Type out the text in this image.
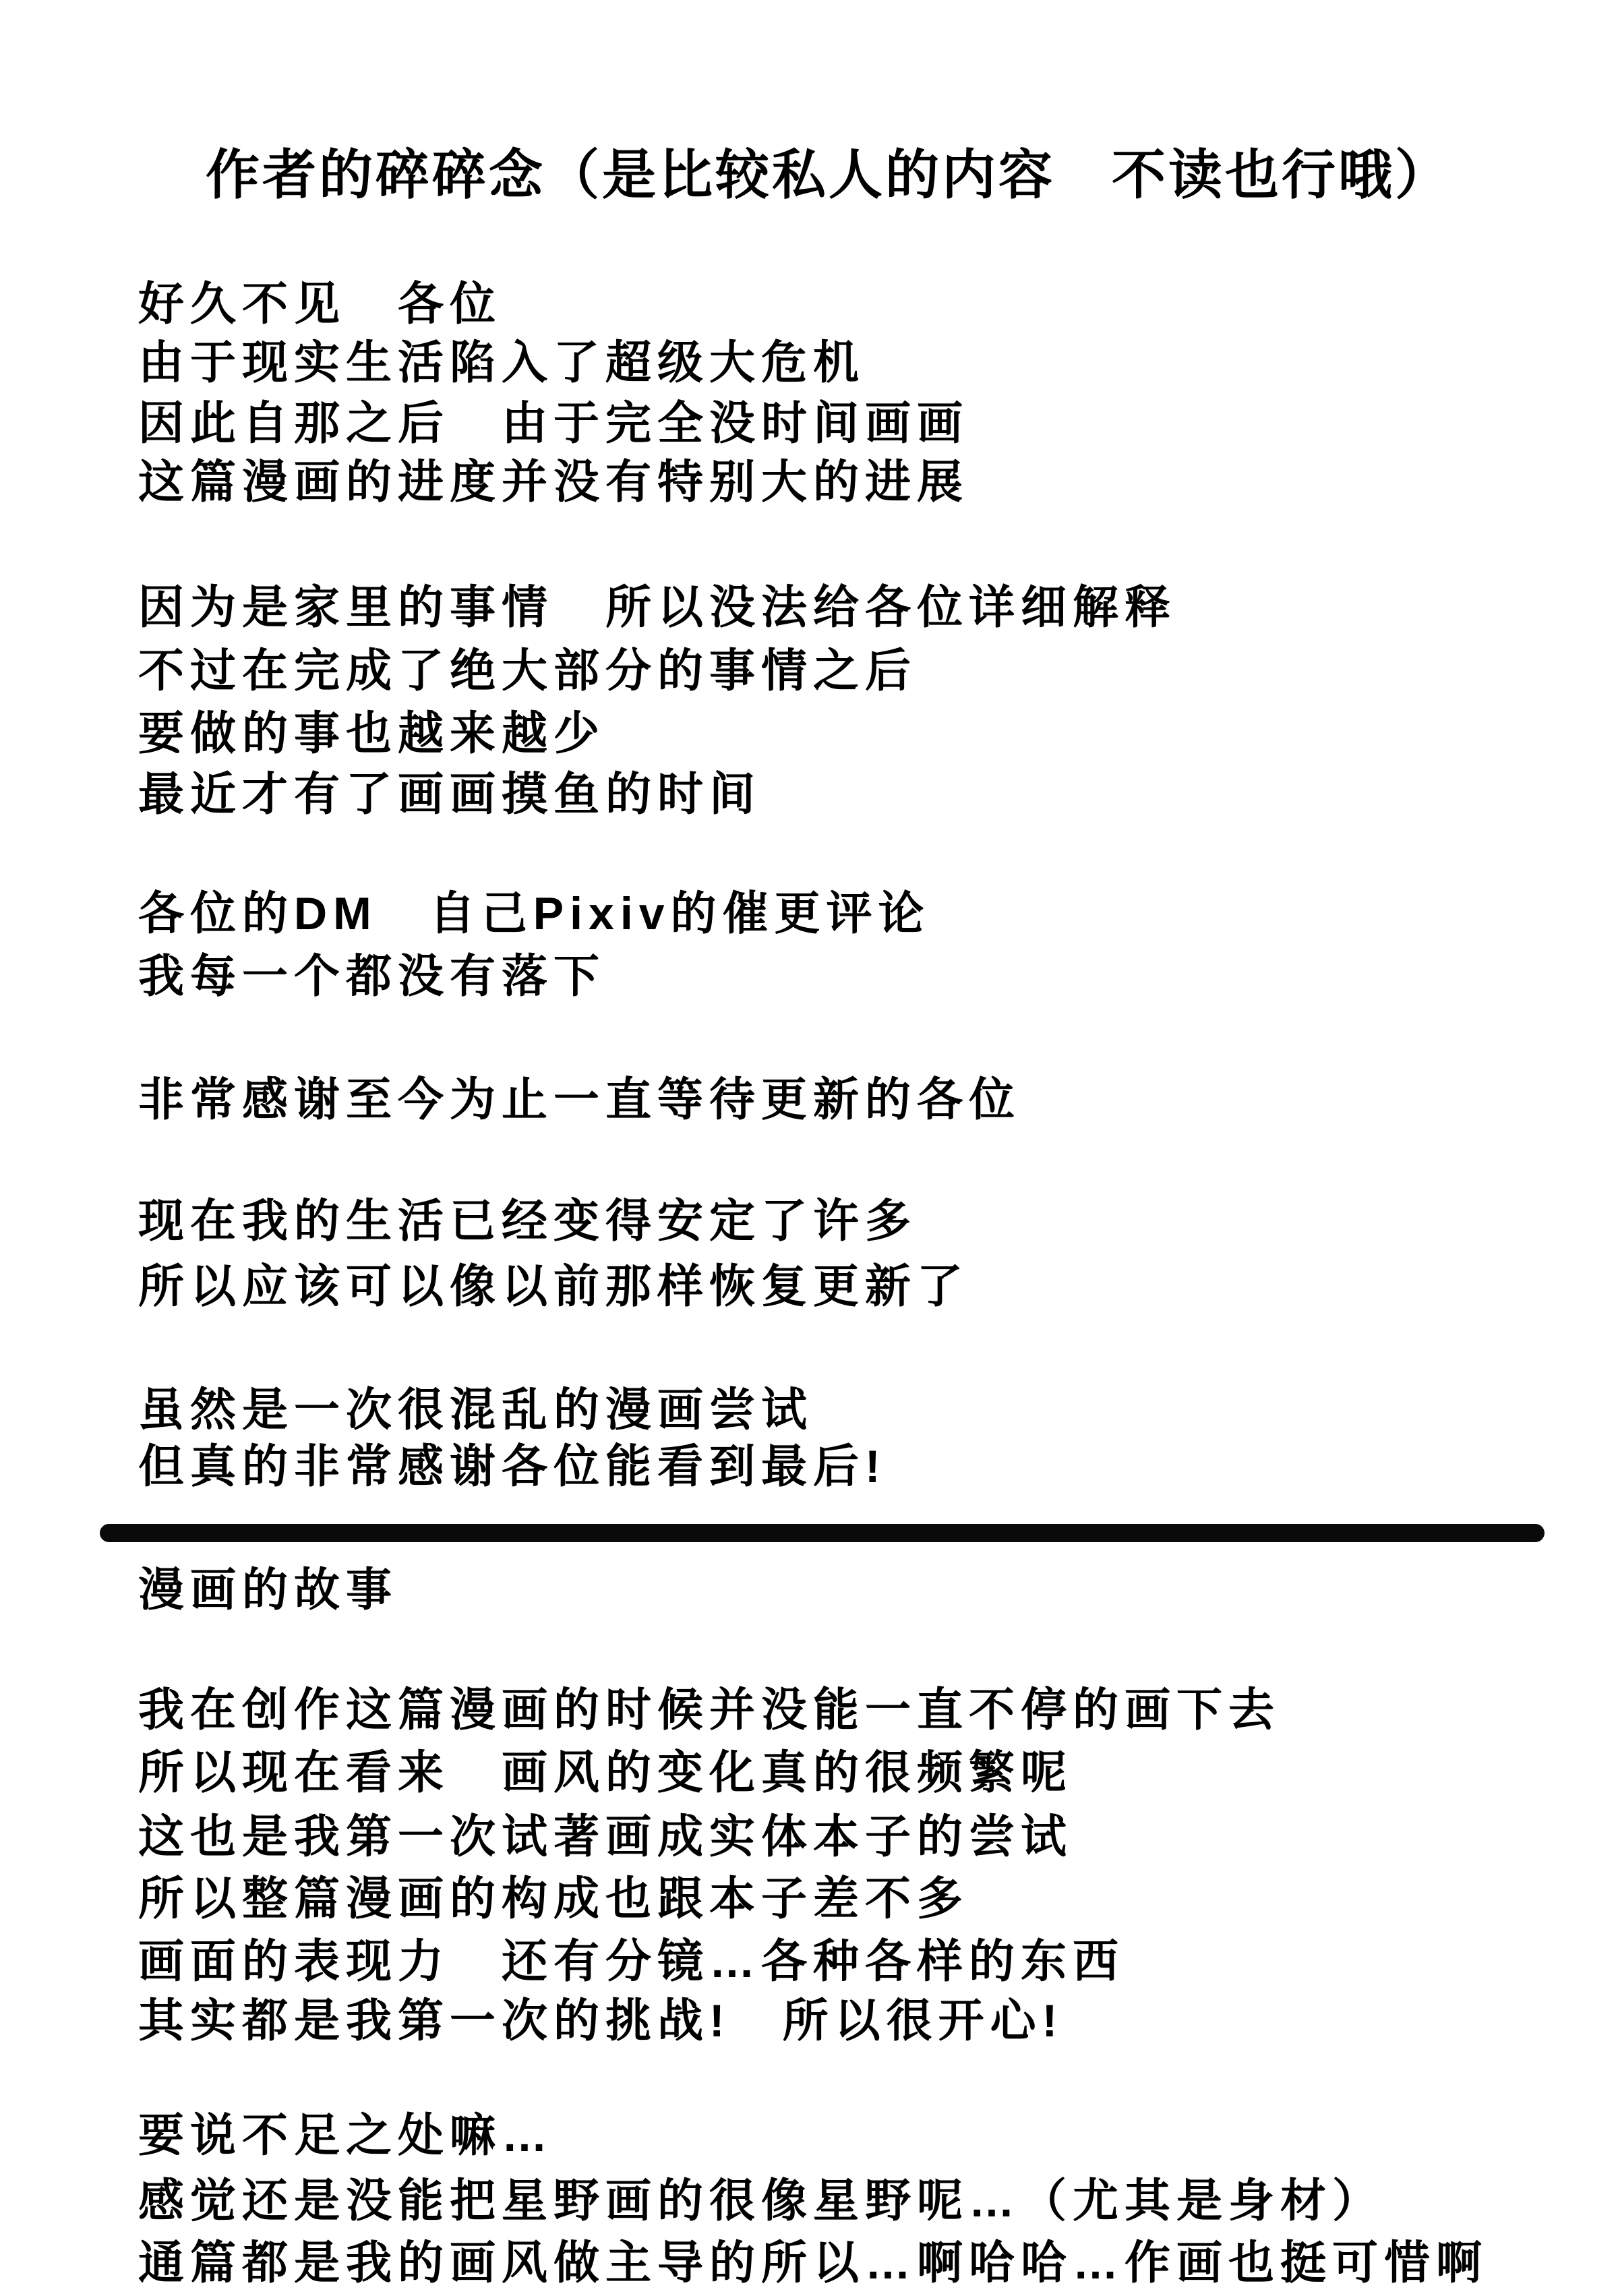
作者的碎碎念（是比较私人的内容　不读也行哦）
好久不见　各位
由于现实生活陷入了超级大危机
因此自那之后　由于完全没时间画画
这篇漫画的进度并没有特别大的进展
因为是家里的事情　所以没法给各位详细解释
不过在完成了绝大部分的事情之后
要做的事也越来越少
最近才有了画画摸鱼的时间
各位的DM　自己Pixiv的催更评论
我每一个都没有落下
非常感谢至今为止一直等待更新的各位
现在我的生活已经变得安定了许多
所以应该可以像以前那样恢复更新了
虽然是一次很混乱的漫画尝试
但真的非常感谢各位能看到最后!
漫画的故事
我在创作这篇漫画的时候并没能一直不停的画下去
所以现在看来　画风的变化真的很频繁呢
这也是我第一次试著画成实体本子的尝试
所以整篇漫画的构成也跟本子差不多
画面的表现力　还有分镜…各种各样的东西
其实都是我第一次的挑战!　所以很开心!
要说不足之处嘛…
感觉还是没能把星野画的很像星野呢…（尤其是身材）
通篇都是我的画风做主导的所以…啊哈哈…作画也挺可惜啊
